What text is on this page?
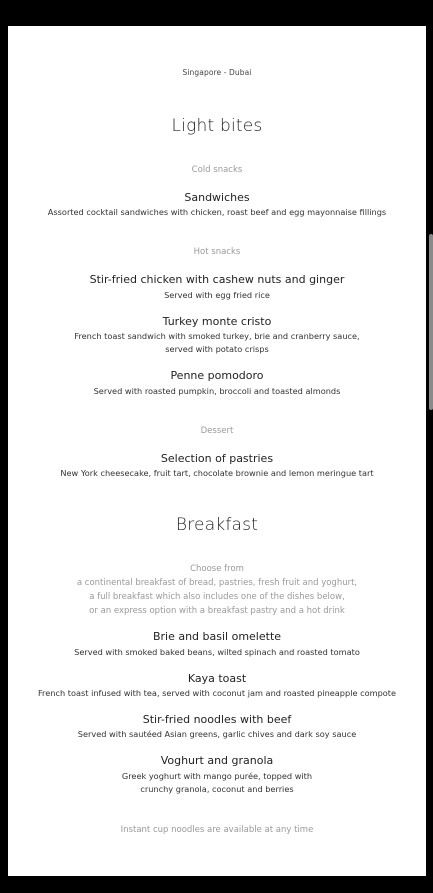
Singapore - Dubai
Light bites
Cold snacks
Sandwiches
Assorted cocktail sandwiches with chicken, roast beef and egg mayonnaise fillings
Hot snacks
Stir-fried chicken with cashew nuts and ginger
Served with egg fried rice
Turkey monte cristo
French toast sandwich with smoked turkey, brie and cranberry sauce,
served with potato crisps
Penne pomodoro
Served with roasted pumpkin, broccoli and toasted almonds
Dessert
Selection of pastries
New York cheesecake, fruit tart, chocolate brownie and lemon meringue tart
Breakfast
Choose from
a continental breakfast of bread, pastries, fresh fruit and yoghurt,
a full breakfast which also includes one of the dishes below,
or an express option with a breakfast pastry and a hot drink
Brie and basil omelette
Served with smoked baked beans, wilted spinach and roasted tomato
Kaya toast
French toast infused with tea, served with coconut jam and roasted pineapple compote
Stir-fried noodles with beef
Served with sautéed Asian greens, garlic chives and dark soy sauce
Voghurt and granola
Greek yoghurt with mango purée, topped with
crunchy granola, coconut and berries
Instant cup noodles are available at any time
